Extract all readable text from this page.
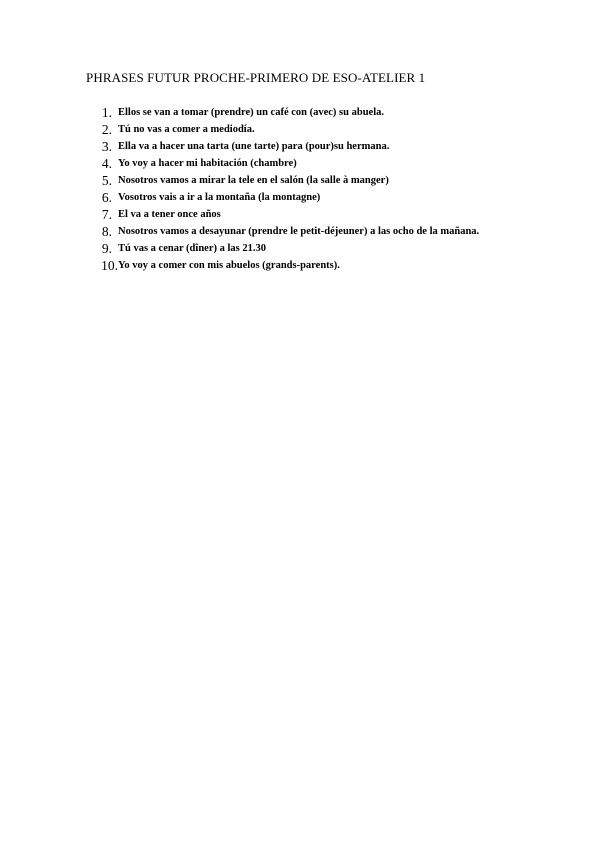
PHRASES FUTUR PROCHE-PRIMERO DE ESO-ATELIER 1
1. Ellos se van a tomar (prendre) un café con (avec) su abuela.
2. Tú no vas a comer a mediodía.
3. Ella va a hacer una tarta (une tarte) para (pour)su hermana.
4. Yo voy a hacer mi habitación (chambre)
5. Nosotros vamos a mirar la tele en el salón (la salle à manger)
6. Vosotros vais a ir a la montaña (la montagne)
7. El va a tener once años
8. Nosotros vamos a desayunar (prendre le petit-déjeuner) a las ocho de la mañana.
9. Tú vas a cenar (dîner) a las 21.30
10. Yo voy a comer con mis abuelos (grands-parents).
